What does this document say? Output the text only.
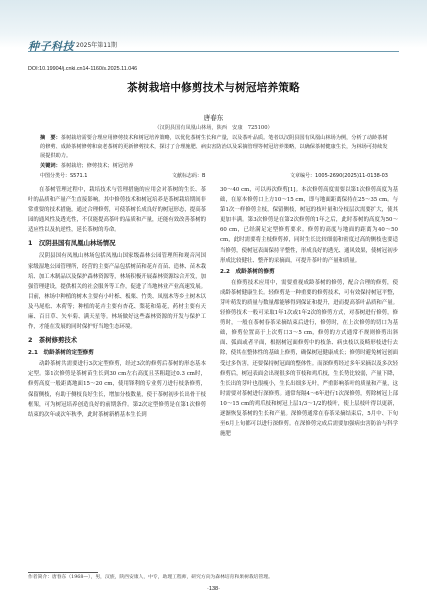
种子科技 2025年第11期
DOI:10.19904/j.cnki.cn14-1160/s.2025.11.046
茶树栽培中修剪技术与树冠培养策略
唐春东
（汉阴县国有凤凰山林场，陕西　安康　725100）
摘　要：茶树栽培需要合理应用修剪技术和树冠培养策略，以优化茶树生长和产量，以及茶叶品质。笔者以汉阴县国有凤凰山林场为例，分析了动龄茶树的修剪、成龄茶树修剪和衰老茶树的更新修剪技术，探讨了合理施肥、病虫害防治以及采摘管理等树冠培养策略，以确保茶树健康生长，为林场可持续发展提供助力。
关键词：茶树栽培；修剪技术；树冠培养
中图分类号：S571.1	文献标志码：B	文章编号：1005-2690(2025)11-0138-03

在茶树管理过程中，栽培技术与管理措施的应用会对茶树的生长、茶叶的品质和产量产生直接影响。其中修剪技术和树冠培养是茶树栽培期间非常重要的技术措施，通过合理修剪，可使茶树长成良好的树冠形态，提高茶园的通风性及透光性，不仅能提高茶叶的品质和产量，还能有效改善茶树的适应性以及抗逆性，延长茶树的寿命。

1　汉阴县国有凤凰山林场情况

汉阴县国有凤凰山林场包括凤凰山国家级森林公园管理所和观音河国家级湿地公园管理所，经营的主要产品包括树苗和花卉育苗、造林、苗木栽培、加工木制品以及保护森林资源等，林场积极开展森林资源综合开发，加强管理建设，提供相关的社会服务等工作，促进了当地林业产业高速发展。目前，林场中种植的树木主要有小叶栎、板栗、竹类、凤凰木等乡土树木以及马尾松、木荷等；种植的花卉主要有杏花、梨花和菊花，药材主要有天麻、百日草、矢车菊、满天星等。林场做好这些森林资源的开发与保护工作，才能在发展的同时保护好当地生态环境。

2　茶树修剪技术
2.1　幼龄茶树的定型修剪

动龄茶树共需要进行3次定型修剪，经过3次的修剪后茶树的形态基本定型。第1次修剪是茶树苗生长到30 cm左右高度且茎粗超过0.3 cm时，修剪高度一般距离地面15～20 cm，使用锋利的专业剪刀进行枝条修剪，保留侧枝，有助于侧枝良好生长，增加分枝数量，使于茶树初步长出骨干枝框架，可为树冠培养创造良好的前期条件。第2次定型修剪是在第1次修剪结束的次年或次年秋季，此时茶树新梢基本生长到

30～40 cm，可以再次修剪[1]。本次修剪高度需要以第1次修剪高度为基础，在原本修剪口上方10～15 cm，即与地面距离保持在25～35 cm。与第1次一样修剪主枝，保留侧枝，树冠的枝叶量和分枝层次需要扩大，使其更加丰满。第3次修剪是在第2次修剪的1年之后，此时茶树的高度为50～60 cm，已经满足定型修剪要求。修剪的高度与地面的距离为40～50 cm，此时需要将主枝修剪掉，同时生长比较细弱和密度过高的侧枝也要适当修剪，使树冠表面保持平整性，形成良好的透光、通风效果，使树冠初步形成比较健壮、整齐的采摘面，可提升茶叶的产量和质量。

2.2　成龄茶树的修剪

在修剪技术应用中，需要重视成龄茶树的修剪，配合合理的修剪，使成龄茶树健康生长。轻修剪是一种重要的修剪技术，可有效保持树冠平整，芽叶萌发的质量与数量都能够得到保证和提升，进而提高茶叶品质和产量。轻修剪技术一般可采取1年1次或1年2次的修剪方式，对茶树进行修剪，修剪时，一般在茶树春茶采摘结束后进行，修剪时，在上次修剪的切口为基础，修剪位置高于上次剪口3～5 cm，修剪的方式通常不规则修剪出斜面、弧面或者平面，根据树冠面修剪中的枝条、病虫枝以及畸形枝进行去除，使其在整体性的基础上修剪，确保树冠健康成长；修剪时避免树冠创面受过多伤害，还要保持树冠面的整体性。而深修剪经过多年采摘以及多次轻修剪后，树冠表面会出现很多的节枝和鸡爪枝，生长势比较弱，产量下降，生长出的芽叶也很瘦小，生长出细多无叶，严重影响茶叶的质量和产量，这时需要对茶树进行深修剪。通常每隔4～6年进行1次深修剪，剪除树冠上部10～15 cm的鸡爪枝和树冠上层1/3～1/2的枝叶，使上层枝叶得以更新，逐渐恢复茶树的生长和产量。深修剪通常在春茶采摘结束后，5月中、下旬至6月上旬都可以进行深修剪。在深修剪完成后需要加强病虫害防治与科学施肥

作者简介：唐春东（1968—），男，汉族，陕西安康人，中专，助理工程师，研究方向为森林培育和果树栽培管理。
·138·
